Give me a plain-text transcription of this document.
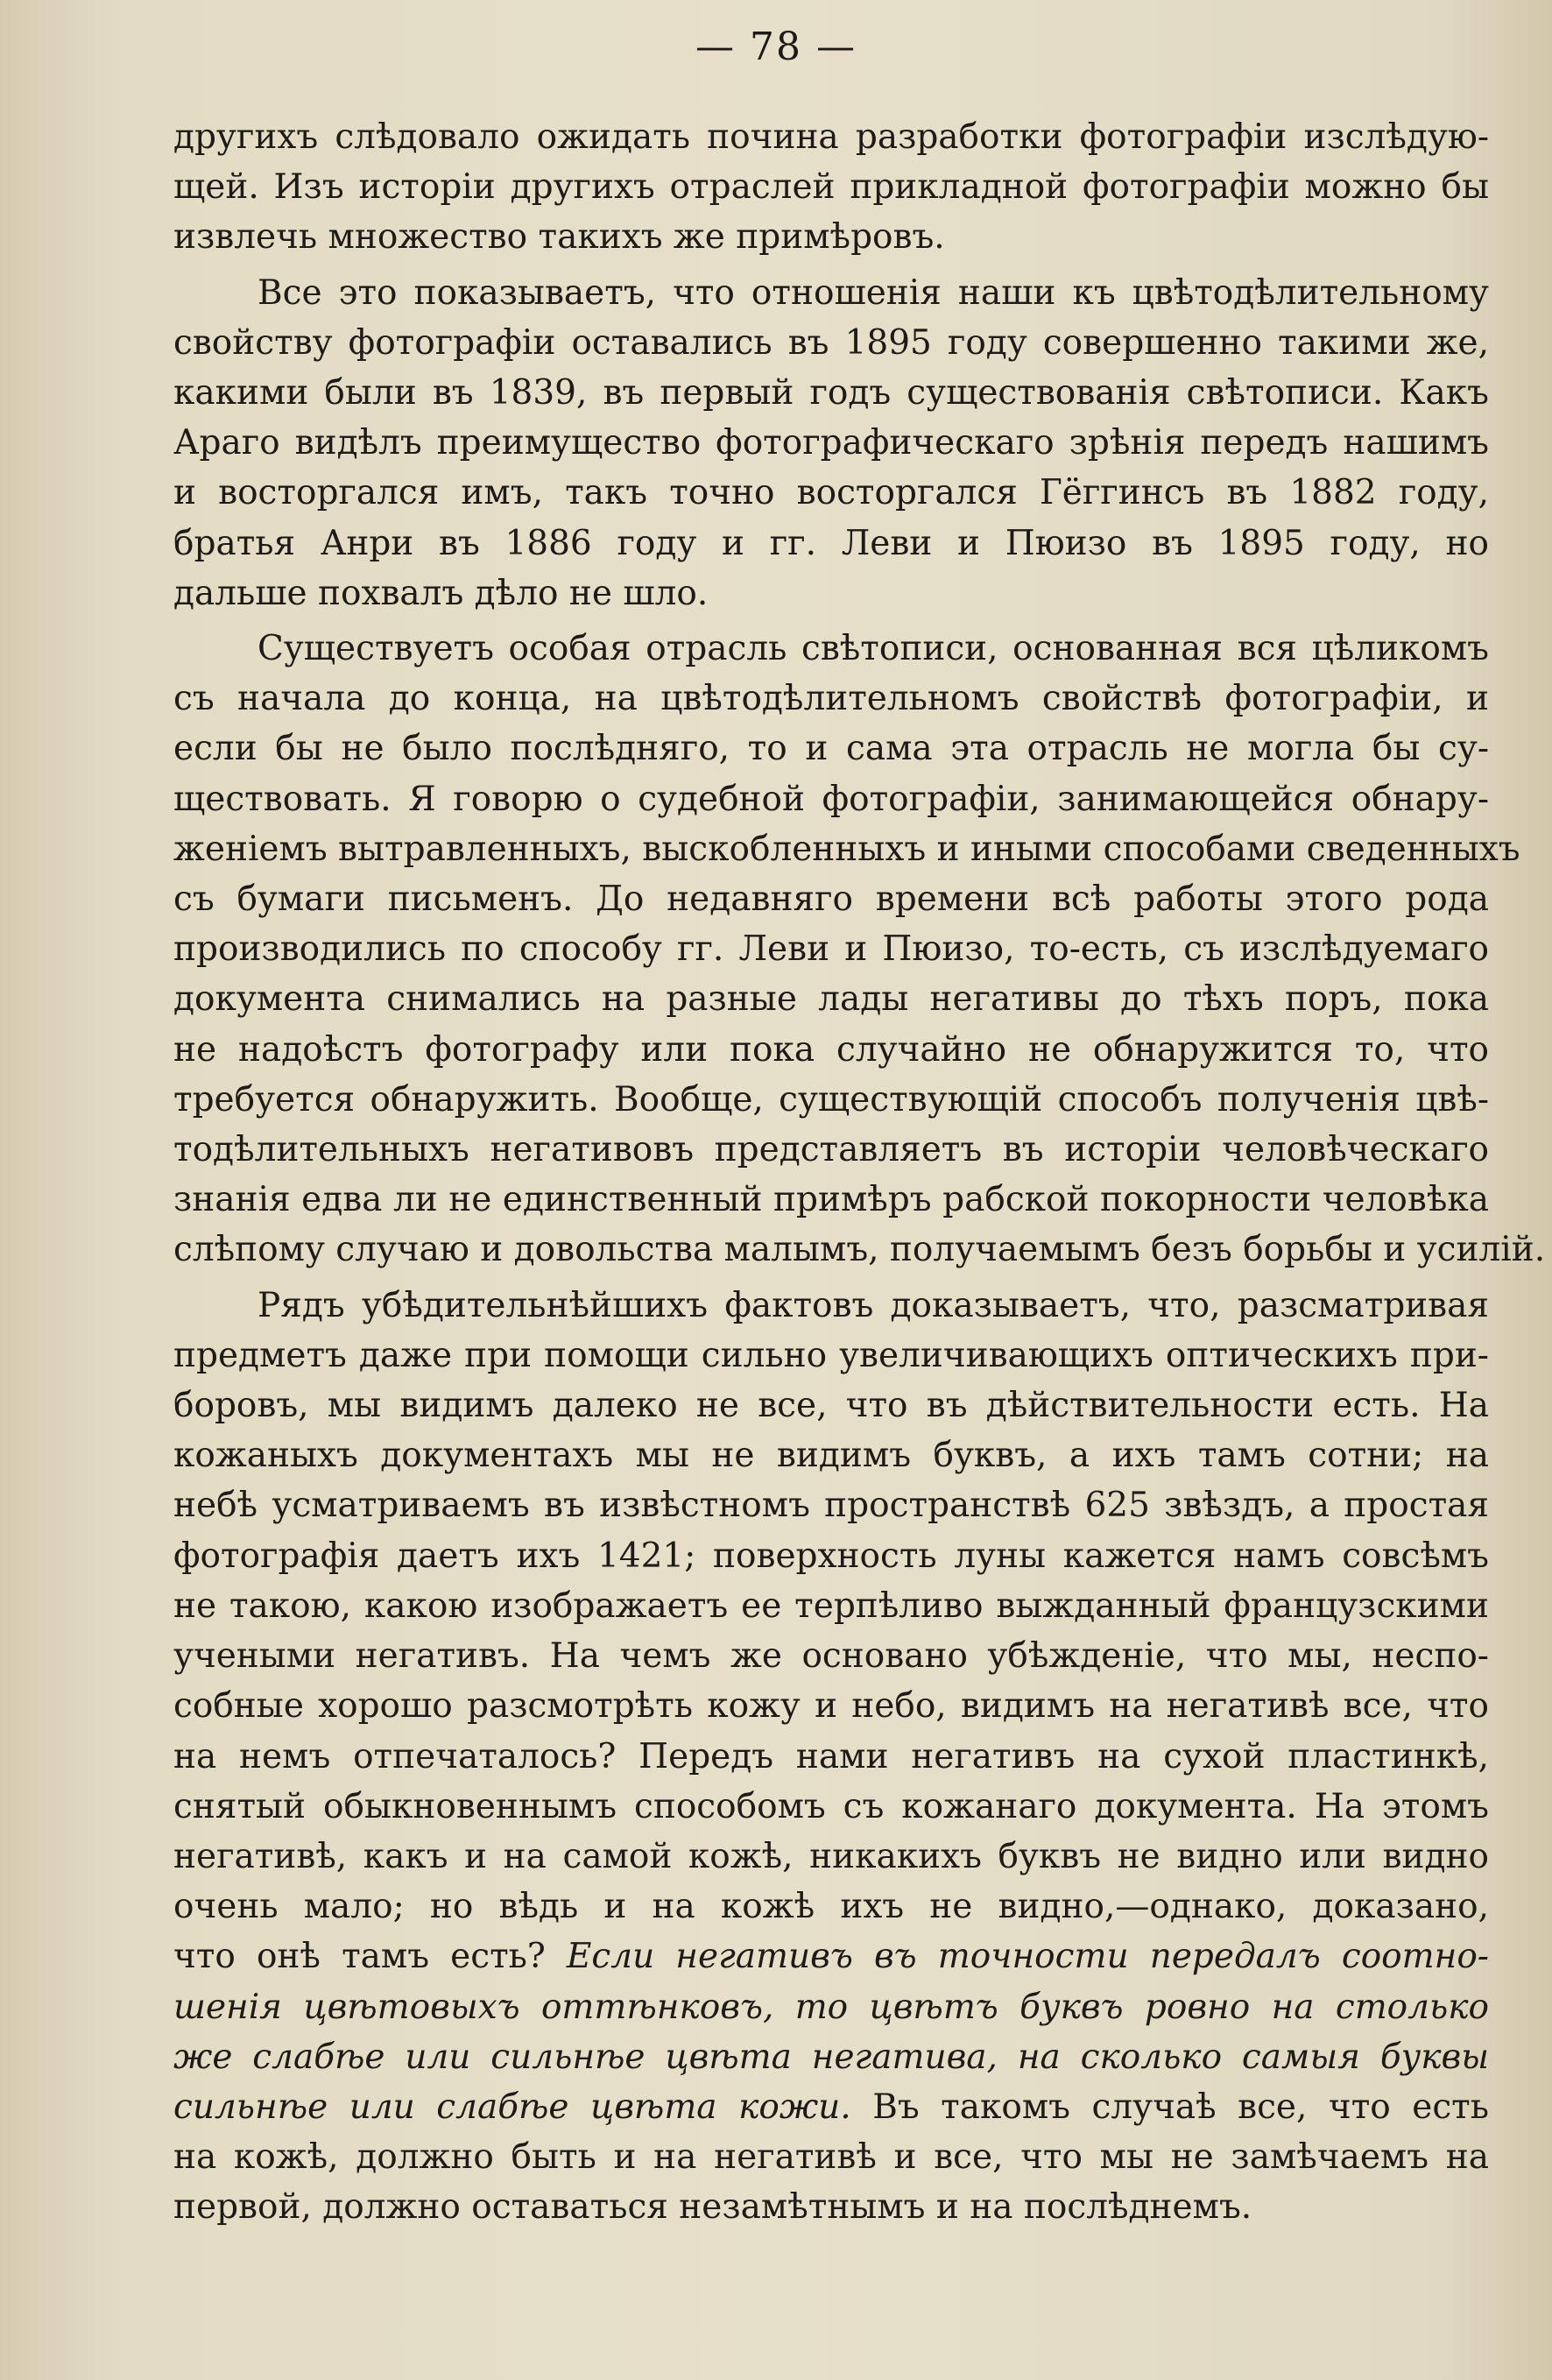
— 78 —
другихъ слѣдовало ожидать почина разработки фотографіи изслѣдую-
щей. Изъ исторіи другихъ отраслей прикладной фотографіи можно бы
извлечь множество такихъ же примѣровъ.
Все это показываетъ, что отношенія наши къ цвѣтодѣлительному
свойству фотографіи оставались въ 1895 году совершенно такими же,
какими были въ 1839, въ первый годъ существованія свѣтописи. Какъ
Араго видѣлъ преимущество фотографическаго зрѣнія передъ нашимъ
и восторгался имъ, такъ точно восторгался Гёггинсъ въ 1882 году,
братья Анри въ 1886 году и гг. Леви и Пюизо въ 1895 году, но
дальше похвалъ дѣло не шло.
Существуетъ особая отрасль свѣтописи, основанная вся цѣликомъ
съ начала до конца, на цвѣтодѣлительномъ свойствѣ фотографіи, и
если бы не было послѣдняго, то и сама эта отрасль не могла бы су-
ществовать. Я говорю о судебной фотографіи, занимающейся обнару-
женіемъ вытравленныхъ, выскобленныхъ и иными способами сведенныхъ
съ бумаги письменъ. До недавняго времени всѣ работы этого рода
производились по способу гг. Леви и Пюизо, то-есть, съ изслѣдуемаго
документа снимались на разные лады негативы до тѣхъ поръ, пока
не надоѣстъ фотографу или пока случайно не обнаружится то, что
требуется обнаружить. Вообще, существующій способъ полученія цвѣ-
тодѣлительныхъ негативовъ представляетъ въ исторіи человѣческаго
знанія едва ли не единственный примѣръ рабской покорности человѣка
слѣпому случаю и довольства малымъ, получаемымъ безъ борьбы и усилій.
Рядъ убѣдительнѣйшихъ фактовъ доказываетъ, что, разсматривая
предметъ даже при помощи сильно увеличивающихъ оптическихъ при-
боровъ, мы видимъ далеко не все, что въ дѣйствительности есть. На
кожаныхъ документахъ мы не видимъ буквъ, а ихъ тамъ сотни; на
небѣ усматриваемъ въ извѣстномъ пространствѣ 625 звѣздъ, а простая
фотографія даетъ ихъ 1421; поверхность луны кажется намъ совсѣмъ
не такою, какою изображаетъ ее терпѣливо выжданный французскими
учеными негативъ. На чемъ же основано убѣжденіе, что мы, неспо-
собные хорошо разсмотрѣть кожу и небо, видимъ на негативѣ все, что
на немъ отпечаталось? Передъ нами негативъ на сухой пластинкѣ,
снятый обыкновеннымъ способомъ съ кожанаго документа. На этомъ
негативѣ, какъ и на самой кожѣ, никакихъ буквъ не видно или видно
очень мало; но вѣдь и на кожѣ ихъ не видно,—однако, доказано,
что онѣ тамъ есть? Если негативъ въ точности передалъ соотно-
шенія цвѣтовыхъ оттѣнковъ, то цвѣтъ буквъ ровно на столько
же слабѣе или сильнѣе цвѣта негатива, на сколько самыя буквы
сильнѣе или слабѣе цвѣта кожи. Въ такомъ случаѣ все, что есть
на кожѣ, должно быть и на негативѣ и все, что мы не замѣчаемъ на
первой, должно оставаться незамѣтнымъ и на послѣднемъ.
